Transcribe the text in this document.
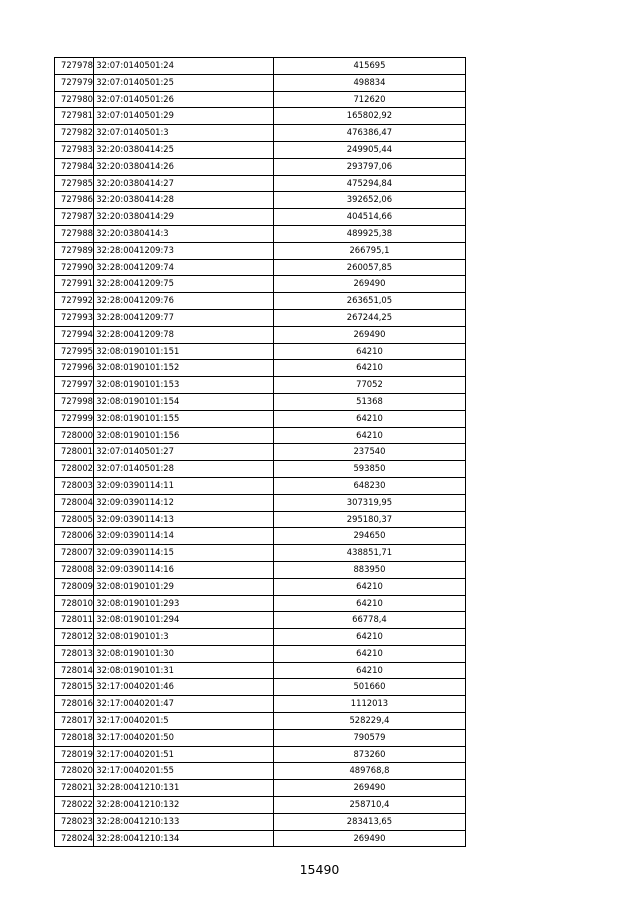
727978	32:07:0140501:24	415695
727979	32:07:0140501:25	498834
727980	32:07:0140501:26	712620
727981	32:07:0140501:29	165802,92
727982	32:07:0140501:3	476386,47
727983	32:20:0380414:25	249905,44
727984	32:20:0380414:26	293797,06
727985	32:20:0380414:27	475294,84
727986	32:20:0380414:28	392652,06
727987	32:20:0380414:29	404514,66
727988	32:20:0380414:3	489925,38
727989	32:28:0041209:73	266795,1
727990	32:28:0041209:74	260057,85
727991	32:28:0041209:75	269490
727992	32:28:0041209:76	263651,05
727993	32:28:0041209:77	267244,25
727994	32:28:0041209:78	269490
727995	32:08:0190101:151	64210
727996	32:08:0190101:152	64210
727997	32:08:0190101:153	77052
727998	32:08:0190101:154	51368
727999	32:08:0190101:155	64210
728000	32:08:0190101:156	64210
728001	32:07:0140501:27	237540
728002	32:07:0140501:28	593850
728003	32:09:0390114:11	648230
728004	32:09:0390114:12	307319,95
728005	32:09:0390114:13	295180,37
728006	32:09:0390114:14	294650
728007	32:09:0390114:15	438851,71
728008	32:09:0390114:16	883950
728009	32:08:0190101:29	64210
728010	32:08:0190101:293	64210
728011	32:08:0190101:294	66778,4
728012	32:08:0190101:3	64210
728013	32:08:0190101:30	64210
728014	32:08:0190101:31	64210
728015	32:17:0040201:46	501660
728016	32:17:0040201:47	1112013
728017	32:17:0040201:5	528229,4
728018	32:17:0040201:50	790579
728019	32:17:0040201:51	873260
728020	32:17:0040201:55	489768,8
728021	32:28:0041210:131	269490
728022	32:28:0041210:132	258710,4
728023	32:28:0041210:133	283413,65
728024	32:28:0041210:134	269490
15490
